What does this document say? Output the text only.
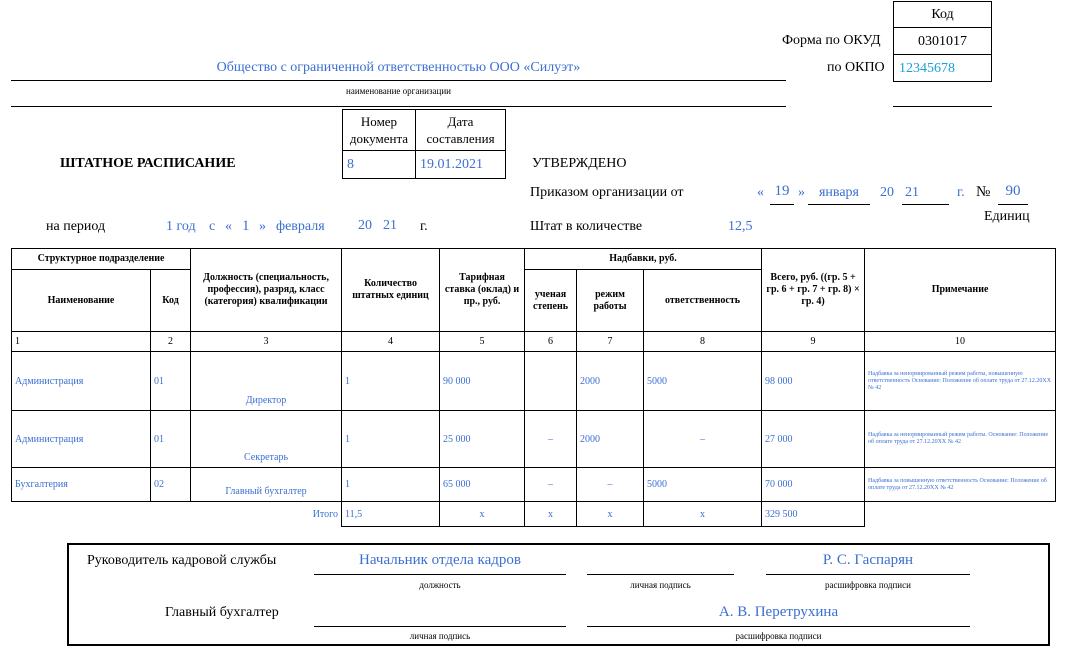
Код
0301017
12345678
Форма по ОКУД
по ОКПО
Общество с ограниченной ответственностью ООО «Силуэт»
наименование организации
Номер документа
Дата составления
8	19.01.2021
ШТАТНОЕ РАСПИСАНИЕ	УТВЕРЖДЕНО
Приказом организации от	« 19 » января	20 21	г. №	90
Штат в количестве	12,5
Единиц
на период	1 год с « 1 » февраля 20 21 г.
Структурное подразделение		Должность (специальность, профессия), разряд, класс (категория) квалификации	Количество штатных единиц	Тарифная ставка (оклад) и пр., руб.	Надбавки, руб.			Всего, руб. ((гр. 5 + гр. 6 + гр. 7 + гр. 8) × гр. 4)	Примечание
Наименование	Код				ученая степень	режим работы	ответственность		
1	2	3	4	5	6	7	8	9	10
Администрация	01	Директор	1	90 000		2000	5000	98 000	Надбавка за ненормированный режим работы, повышенную ответственность Основание: Положение об оплате труда от 27.12.20XX № 42
Администрация	01	Секретарь	1	25 000	–	2000	–	27 000	Надбавка за ненормированный режим работы. Основание: Положение об оплате труда от 27.12.20XX № 42
Бухгалтерия	02	Главный бухгалтер	1	65 000	–	–	5000	70 000	Надбавка за повышенную ответственность Основание: Положение об оплате труда от 27.12.20XX № 42
Итого			11,5	x	x	x	x	329 500	
Руководитель кадровой службы	Начальник отдела кадров
должность	личная подпись
Р. С. Гаспарян
расшифровка подписи
Главный бухгалтер
личная подпись
А. В. Перетрухина
расшифровка подписи
